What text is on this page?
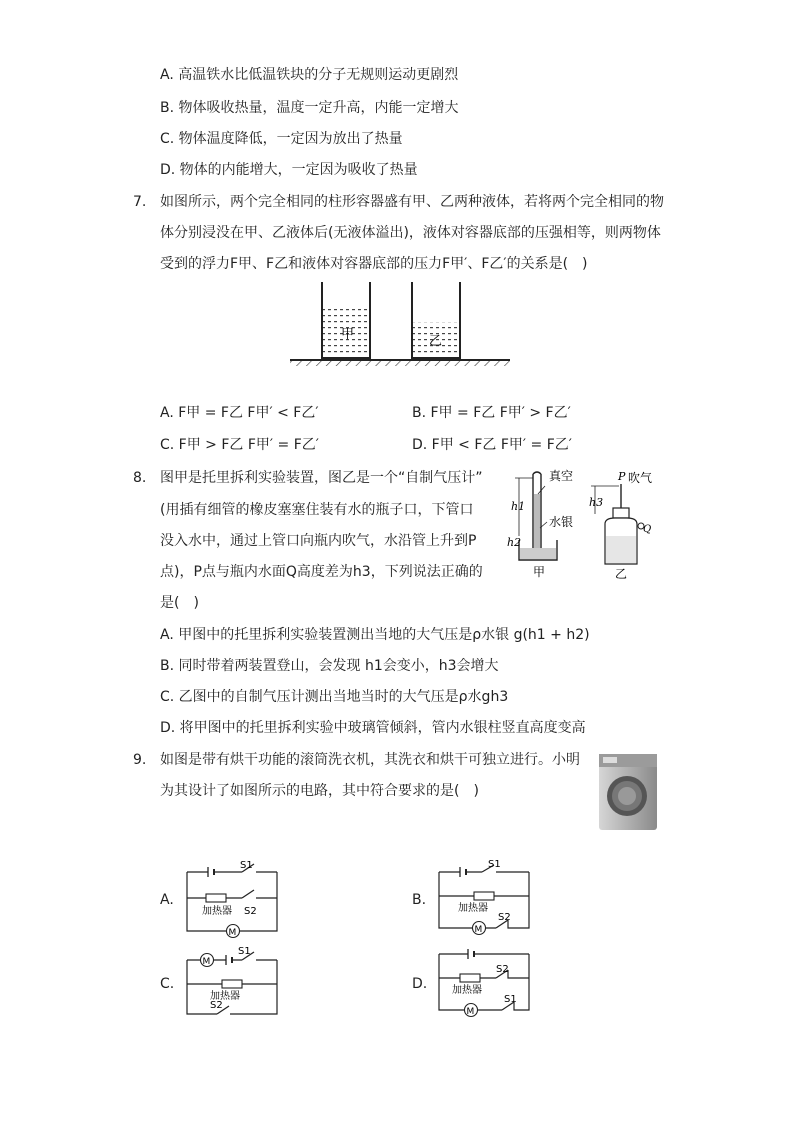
A. 高温铁水比低温铁块的分子无规则运动更剧烈
B. 物体吸收热量，温度一定升高，内能一定增大
C. 物体温度降低，一定因为放出了热量
D. 物体的内能增大，一定因为吸收了热量
7. 如图所示，两个完全相同的柱形容器盛有甲、乙两种液体，若将两个完全相同的物
体分别浸没在甲、乙液体后(无液体溢出)，液体对容器底部的压强相等，则两物体
受到的浮力F甲、F乙和液体对容器底部的压力F甲′、F乙′的关系是(　)
甲	乙
A. F甲 = F乙 F甲′ < F乙′	B. F甲 = F乙 F甲′ > F乙′
C. F甲 > F乙 F甲′ = F乙′	D. F甲 < F乙 F甲′ = F乙′
8. 图甲是托里拆利实验装置，图乙是一个“自制气压计”
(用插有细管的橡皮塞塞住装有水的瓶子口，下管口
没入水中，通过上管口向瓶内吹气，水沿管上升到P
点)，P点与瓶内水面Q高度差为h3，下列说法正确的
是(　)
真空
水银
h1
h2
甲
吹气
P
h3
Q
乙
A. 甲图中的托里拆利实验装置测出当地的大气压是ρ水银 g(h1 + h2)
B. 同时带着两装置登山，会发现 h1会变小，h3会增大
C. 乙图中的自制气压计测出当地当时的大气压是ρ水gh3
D. 将甲图中的托里拆利实验中玻璃管倾斜，管内水银柱竖直高度变高
9. 如图是带有烘干功能的滚筒洗衣机，其洗衣和烘干可独立进行。小明
为其设计了如图所示的电路，其中符合要求的是(　)
A.
S1
加热器 S2
M
B.
S1
加热器
S2
M
C.
M
S1
加热器
S2
D.
S2
加热器
M
S1
